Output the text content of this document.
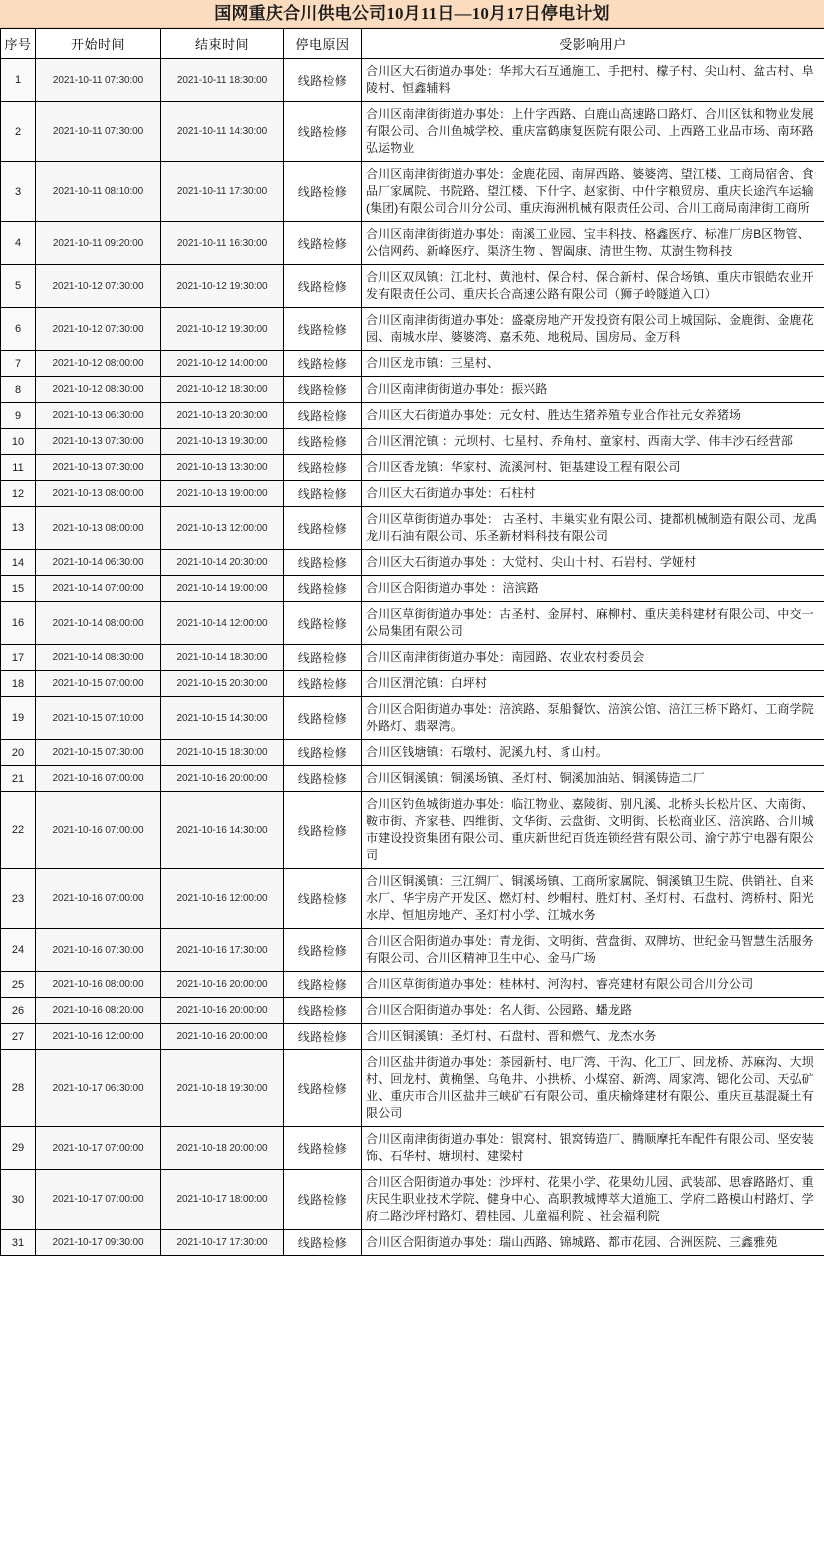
国网重庆合川供电公司10月11日—10月17日停电计划
序号	开始时间	结束时间	停电原因	受影响用户
1	2021-10-11 07:30:00	2021-10-11 18:30:00	线路检修	合川区大石街道办事处：华邦大石互通施工、手把村、檬子村、尖山村、盆古村、阜陵村、恒鑫辅料
2	2021-10-11 07:30:00	2021-10-11 14:30:00	线路检修	合川区南津街街道办事处：上什字西路、白鹿山高速路口路灯、合川区钛和物业发展有限公司、合川鱼城学校、重庆富鹤康复医院有限公司、上西路工业品市场、南环路弘运物业
3	2021-10-11 08:10:00	2021-10-11 17:30:00	线路检修	合川区南津街街道办事处：金鹿花园、南屏西路、婆婆湾、望江楼、工商局宿舍、食品厂家属院、书院路、望江楼、下什字、赵家街、中什字粮贸房、重庆长途汽车运输(集团)有限公司合川分公司、重庆海洲机械有限责任公司、合川工商局南津街工商所
4	2021-10-11 09:20:00	2021-10-11 16:30:00	线路检修	合川区南津街街道办事处：南溪工业园、宝丰科技、格鑫医疗、标准厂房B区物管、公信网药、新峰医疗、渠济生物 、智阖康、清世生物、苁澍生物科技
5	2021-10-12 07:30:00	2021-10-12 19:30:00	线路检修	合川区双凤镇：江北村、黄池村、保合村、保合新村、保合场镇、重庆市银皓农业开发有限责任公司、重庆长合高速公路有限公司（狮子岭隧道入口）
6	2021-10-12 07:30:00	2021-10-12 19:30:00	线路检修	合川区南津街街道办事处：盛豪房地产开发投资有限公司上城国际、金鹿街、金鹿花园、南城水岸、婆婆湾、嘉禾苑、地税局、国房局、金万科
7	2021-10-12 08:00:00	2021-10-12 14:00:00	线路检修	合川区龙市镇：三星村、
8	2021-10-12 08:30:00	2021-10-12 18:30:00	线路检修	合川区南津街街道办事处：振兴路
9	2021-10-13 06:30:00	2021-10-13 20:30:00	线路检修	合川区大石街道办事处：元女村、胜达生猪养殖专业合作社元女养猪场
10	2021-10-13 07:30:00	2021-10-13 19:30:00	线路检修	合川区渭沱镇 ：元坝村、七星村、乔角村、童家村、西南大学、伟丰沙石经营部
11	2021-10-13 07:30:00	2021-10-13 13:30:00	线路检修	合川区香龙镇：华家村、流溪河村、钜基建设工程有限公司
12	2021-10-13 08:00:00	2021-10-13 19:00:00	线路检修	合川区大石街道办事处：石柱村
13	2021-10-13 08:00:00	2021-10-13 12:00:00	线路检修	合川区草街街道办事处： 古圣村、丰巢实业有限公司、捷都机械制造有限公司、龙禹龙川石油有限公司、乐圣新材料科技有限公司
14	2021-10-14 06:30:00	2021-10-14 20:30:00	线路检修	合川区大石街道办事处 ：大觉村、尖山十村、石岩村、学娅村
15	2021-10-14 07:00:00	2021-10-14 19:00:00	线路检修	合川区合阳街道办事处 ：涪滨路
16	2021-10-14 08:00:00	2021-10-14 12:00:00	线路检修	合川区草街街道办事处：古圣村、金屏村、麻柳村、重庆美科建材有限公司、中交一公局集团有限公司
17	2021-10-14 08:30:00	2021-10-14 18:30:00	线路检修	合川区南津街街道办事处：南园路、农业农村委员会
18	2021-10-15 07:00:00	2021-10-15 20:30:00	线路检修	合川区渭沱镇：白坪村
19	2021-10-15 07:10:00	2021-10-15 14:30:00	线路检修	合川区合阳街道办事处：涪滨路、泵船餐饮、涪滨公馆、涪江三桥下路灯、工商学院外路灯、翡翠湾。
20	2021-10-15 07:30:00	2021-10-15 18:30:00	线路检修	合川区钱塘镇：石墩村、泥溪九村、豸山村。
21	2021-10-16 07:00:00	2021-10-16 20:00:00	线路检修	合川区铜溪镇：铜溪场镇、圣灯村、铜溪加油站、铜溪铸造二厂
22	2021-10-16 07:00:00	2021-10-16 14:30:00	线路检修	合川区钓鱼城街道办事处：临江物业、嘉陵街、别凡溪、北桥头长松片区、大南街、鞍市街、齐家巷、四维街、文华街、云盘街、文明街、长松商业区、涪滨路、合川城市建设投资集团有限公司、重庆新世纪百货连锁经营有限公司、渝宁苏宁电器有限公司
23	2021-10-16 07:00:00	2021-10-16 12:00:00	线路检修	合川区铜溪镇：三江绸厂、铜溪场镇、工商所家属院、铜溪镇卫生院、供销社、自来水厂、华宇房产开发区、燃灯村、纱帽村、胜灯村、圣灯村、石盘村、湾桥村、阳光水岸、恒旭房地产、圣灯村小学、江城水务
24	2021-10-16 07:30:00	2021-10-16 17:30:00	线路检修	合川区合阳街道办事处：青龙街、文明街、营盘街、双牌坊、世纪金马智慧生活服务有限公司、合川区精神卫生中心、金马广场
25	2021-10-16 08:00:00	2021-10-16 20:00:00	线路检修	合川区草街街道办事处：桂林村、河沟村、睿亮建材有限公司合川分公司
26	2021-10-16 08:20:00	2021-10-16 20:00:00	线路检修	合川区合阳街道办事处：名人街、公园路、蟠龙路
27	2021-10-16 12:00:00	2021-10-16 20:00:00	线路检修	合川区铜溪镇：圣灯村、石盘村、晋和燃气、龙杰水务
28	2021-10-17 06:30:00	2021-10-18 19:30:00	线路检修	合川区盐井街道办事处：茶园新村、电厂湾、干沟、化工厂、回龙桥、苏麻沟、大坝村、回龙村、黄桷堡、乌龟井、小拱桥、小煤窑、新湾、周家湾、锶化公司、天弘矿业、重庆市合川区盐井三峡矿石有限公司、重庆榆烽建材有限公、重庆亘基混凝土有限公司
29	2021-10-17 07:00:00	2021-10-18 20:00:00	线路检修	合川区南津街街道办事处：银窝村、银窝铸造厂、腾顺摩托车配件有限公司、坚安装饰、石华村、塘坝村、建梁村
30	2021-10-17 07:00:00	2021-10-17 18:00:00	线路检修	合川区合阳街道办事处：沙坪村、花果小学、花果幼儿园、武装部、思睿路路灯、重庆民生职业技术学院、健身中心、高职教城博萃大道施工、学府二路模山村路灯、学府二路沙坪村路灯、碧桂园、儿童福利院 、社会福利院
31	2021-10-17 09:30:00	2021-10-17 17:30:00	线路检修	合川区合阳街道办事处：瑞山西路、锦城路、都市花园、合洲医院、三鑫雅苑
